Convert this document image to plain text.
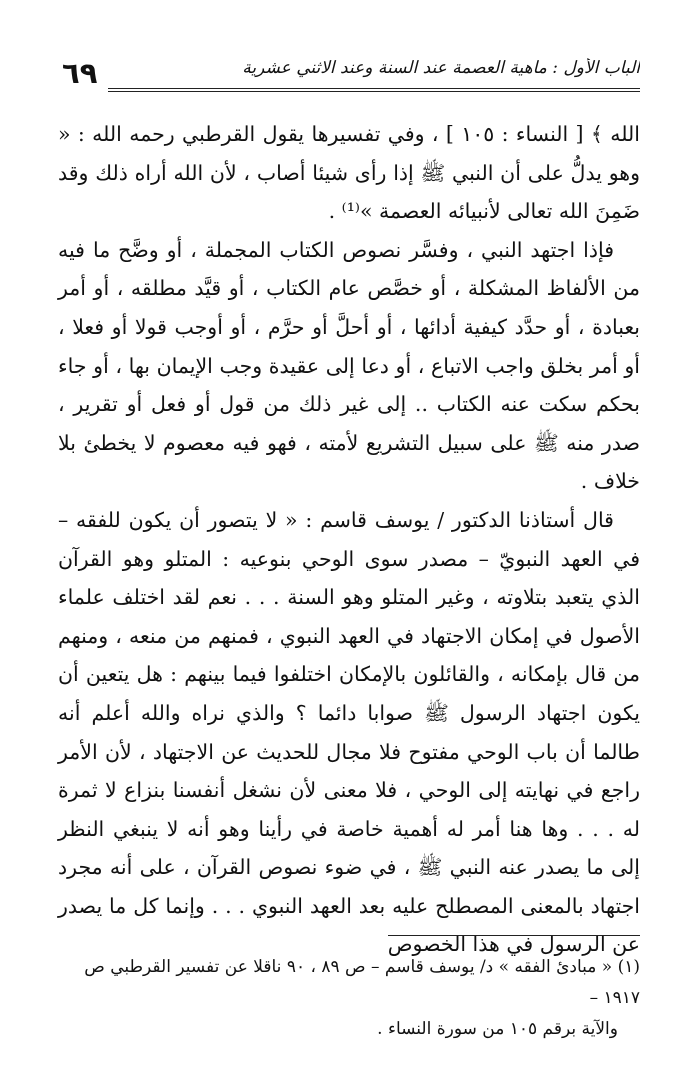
٦٩	الباب الأول : ماهية العصمة عند السنة وعند الاثني عشرية

الله ﴾ [ النساء : ١٠٥ ] ، وفي تفسيرها يقول القرطبي رحمه الله : « وهو يدلُّ على أن النبي ﷺ إذا رأى شيئا أصاب ، لأن الله أراه ذلك وقد ضَمِنَ الله تعالى لأنبيائه العصمة »⁽¹⁾ .

فإذا اجتهد النبي ، وفسَّر نصوص الكتاب المجملة ، أو وضَّح ما فيه من الألفاظ المشكلة ، أو خصَّص عام الكتاب ، أو قيَّد مطلقه ، أو أمر بعبادة ، أو حدَّد كيفية أدائها ، أو أحلَّ أو حرَّم ، أو أوجب قولا أو فعلا ، أو أمر بخلق واجب الاتباع ، أو دعا إلى عقيدة وجب الإيمان بها ، أو جاء بحكم سكت عنه الكتاب .. إلى غير ذلك من قول أو فعل أو تقرير ، صدر منه ﷺ على سبيل التشريع لأمته ، فهو فيه معصوم لا يخطئ بلا خلاف .

قال أستاذنا الدكتور / يوسف قاسم : « لا يتصور أن يكون للفقه – في العهد النبويّ – مصدر سوى الوحي بنوعيه : المتلو وهو القرآن الذي يتعبد بتلاوته ، وغير المتلو وهو السنة . . . نعم لقد اختلف علماء الأصول في إمكان الاجتهاد في العهد النبوي ، فمنهم من منعه ، ومنهم من قال بإمكانه ، والقائلون بالإمكان اختلفوا فيما بينهم : هل يتعين أن يكون اجتهاد الرسول ﷺ صوابا دائما ؟ والذي نراه والله أعلم أنه طالما أن باب الوحي مفتوح فلا مجال للحديث عن الاجتهاد ، لأن الأمر راجع في نهايته إلى الوحي ، فلا معنى لأن نشغل أنفسنا بنزاع لا ثمرة له . . . وها هنا أمر له أهمية خاصة في رأينا وهو أنه لا ينبغي النظر إلى ما يصدر عنه النبي ﷺ ، في ضوء نصوص القرآن ، على أنه مجرد اجتهاد بالمعنى المصطلح عليه بعد العهد النبوي . . . وإنما كل ما يصدر عن الرسول في هذا الخصوص

(١) « مبادئ الفقه » د/ يوسف قاسم – ص ٨٩ ، ٩٠ ناقلا عن تفسير القرطبي ص ١٩١٧ –

والآية برقم ١٠٥ من سورة النساء .
